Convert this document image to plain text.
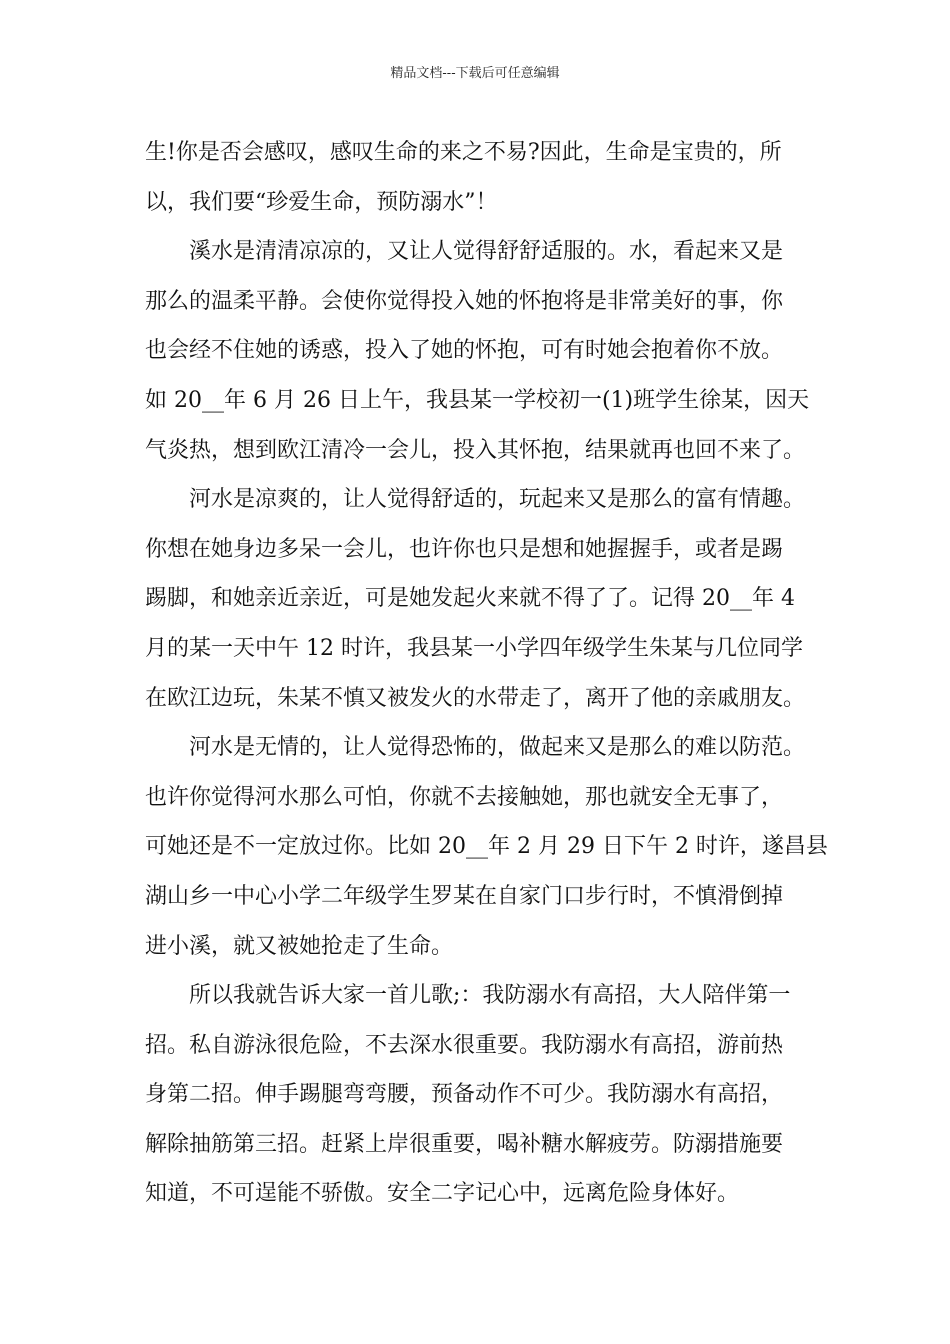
精品文档---下载后可任意编辑
生!你是否会感叹，感叹生命的来之不易?因此，生命是宝贵的，所
以，我们要“珍爱生命，预防溺水”！
溪水是清清凉凉的，又让人觉得舒舒适服的。水，看起来又是
那么的温柔平静。会使你觉得投入她的怀抱将是非常美好的事，你
也会经不住她的诱惑，投入了她的怀抱，可有时她会抱着你不放。
如 20__年 6 月 26 日上午，我县某一学校初一(1)班学生徐某，因天
气炎热，想到欧江清冷一会儿，投入其怀抱，结果就再也回不来了。
河水是凉爽的，让人觉得舒适的，玩起来又是那么的富有情趣。
你想在她身边多呆一会儿，也许你也只是想和她握握手，或者是踢
踢脚，和她亲近亲近，可是她发起火来就不得了了。记得 20__年 4
月的某一天中午 12 时许，我县某一小学四年级学生朱某与几位同学
在欧江边玩，朱某不慎又被发火的水带走了，离开了他的亲戚朋友。
河水是无情的，让人觉得恐怖的，做起来又是那么的难以防范。
也许你觉得河水那么可怕，你就不去接触她，那也就安全无事了，
可她还是不一定放过你。比如 20__年 2 月 29 日下午 2 时许，遂昌县
湖山乡一中心小学二年级学生罗某在自家门口步行时，不慎滑倒掉
进小溪，就又被她抢走了生命。
所以我就告诉大家一首儿歌;：我防溺水有高招，大人陪伴第一
招。私自游泳很危险，不去深水很重要。我防溺水有高招，游前热
身第二招。伸手踢腿弯弯腰，预备动作不可少。我防溺水有高招，
解除抽筋第三招。赶紧上岸很重要，喝补糖水解疲劳。防溺措施要
知道，不可逞能不骄傲。安全二字记心中，远离危险身体好。
